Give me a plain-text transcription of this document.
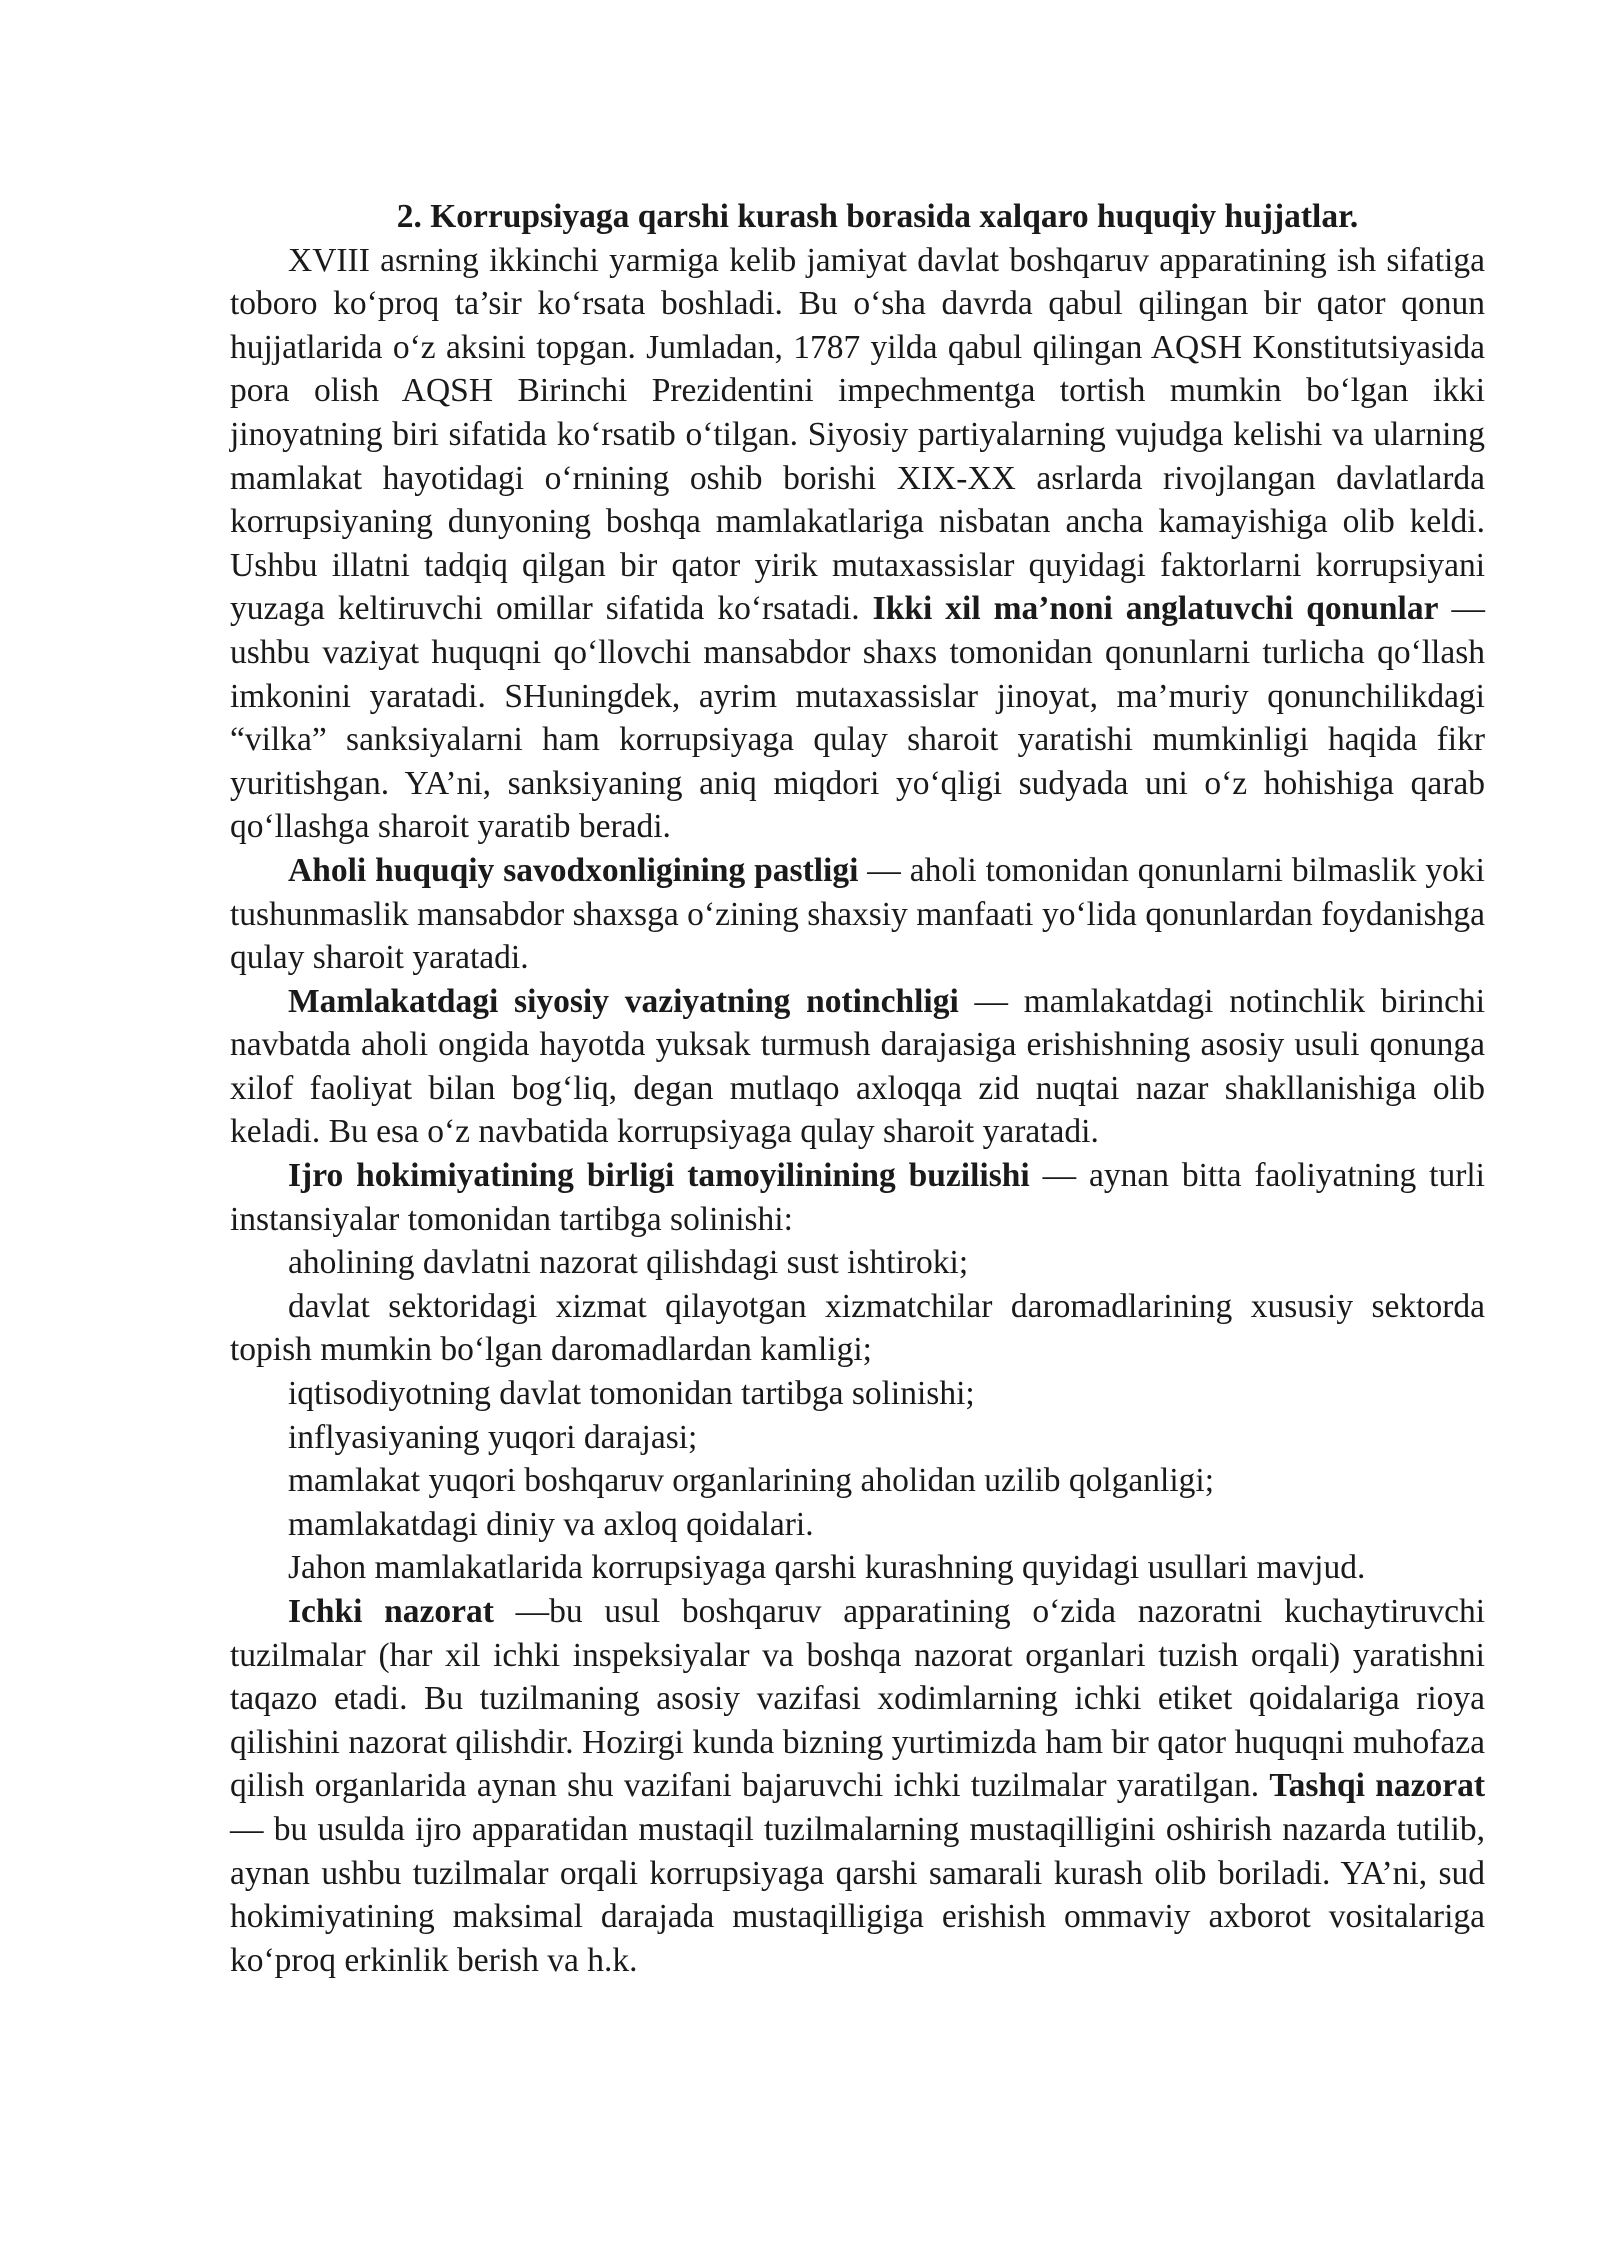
2. Korrupsiyaga qarshi kurash borasida xalqaro huquqiy hujjatlar.

XVIII asrning ikkinchi yarmiga kelib jamiyat davlat boshqaruv apparatining ish sifatiga toboro ko‘proq ta’sir ko‘rsata boshladi. Bu o‘sha davrda qabul qilingan bir qator qonun hujjatlarida o‘z aksini topgan. Jumladan, 1787 yilda qabul qilingan AQSH Konstitutsiyasida pora olish AQSH Birinchi Prezidentini impechmentga tortish mumkin bo‘lgan ikki jinoyatning biri sifatida ko‘rsatib o‘tilgan. Siyosiy partiyalarning vujudga kelishi va ularning mamlakat hayotidagi o‘rnining oshib borishi XIX-XX asrlarda rivojlangan davlatlarda korrupsiyaning dunyoning boshqa mamlakatlariga nisbatan ancha kamayishiga olib keldi. Ushbu illatni tadqiq qilgan bir qator yirik mutaxassislar quyidagi faktorlarni korrupsiyani yuzaga keltiruvchi omillar sifatida ko‘rsatadi. Ikki xil ma’noni anglatuvchi qonunlar — ushbu vaziyat huquqni qo‘llovchi mansabdor shaxs tomonidan qonunlarni turlicha qo‘llash imkonini yaratadi. SHuningdek, ayrim mutaxassislar jinoyat, ma’muriy qonunchilikdagi “vilka” sanksiyalarni ham korrupsiyaga qulay sharoit yaratishi mumkinligi haqida fikr yuritishgan. YA’ni, sanksiyaning aniq miqdori yo‘qligi sudyada uni o‘z hohishiga qarab qo‘llashga sharoit yaratib beradi.

Aholi huquqiy savodxonligining pastligi — aholi tomonidan qonunlarni bilmaslik yoki tushunmaslik mansabdor shaxsga o‘zining shaxsiy manfaati yo‘lida qonunlardan foydanishga qulay sharoit yaratadi.

Mamlakatdagi siyosiy vaziyatning notinchligi — mamlakatdagi notinchlik birinchi navbatda aholi ongida hayotda yuksak turmush darajasiga erishishning asosiy usuli qonunga xilof faoliyat bilan bog‘liq, degan mutlaqo axloqqa zid nuqtai nazar shakllanishiga olib keladi. Bu esa o‘z navbatida korrupsiyaga qulay sharoit yaratadi.

Ijro hokimiyatining birligi tamoyilinining buzilishi — aynan bitta faoliyatning turli instansiyalar tomonidan tartibga solinishi:

aholining davlatni nazorat qilishdagi sust ishtiroki;

davlat sektoridagi xizmat qilayotgan xizmatchilar daromadlarining xususiy sektorda topish mumkin bo‘lgan daromadlardan kamligi;

iqtisodiyotning davlat tomonidan tartibga solinishi;

inflyasiyaning yuqori darajasi;

mamlakat yuqori boshqaruv organlarining aholidan uzilib qolganligi;

mamlakatdagi diniy va axloq qoidalari.

Jahon mamlakatlarida korrupsiyaga qarshi kurashning quyidagi usullari mavjud.

Ichki nazorat —bu usul boshqaruv apparatining o‘zida nazoratni kuchaytiruvchi tuzilmalar (har xil ichki inspeksiyalar va boshqa nazorat organlari tuzish orqali) yaratishni taqazo etadi. Bu tuzilmaning asosiy vazifasi xodimlarning ichki etiket qoidalariga rioya qilishini nazorat qilishdir. Hozirgi kunda bizning yurtimizda ham bir qator huquqni muhofaza qilish organlarida aynan shu vazifani bajaruvchi ichki tuzilmalar yaratilgan. Tashqi nazorat — bu usulda ijro apparatidan mustaqil tuzilmalarning mustaqilligini oshirish nazarda tutilib, aynan ushbu tuzilmalar orqali korrupsiyaga qarshi samarali kurash olib boriladi. YA’ni, sud hokimiyatining maksimal darajada mustaqilligiga erishish ommaviy axborot vositalariga ko‘proq erkinlik berish va h.k.
